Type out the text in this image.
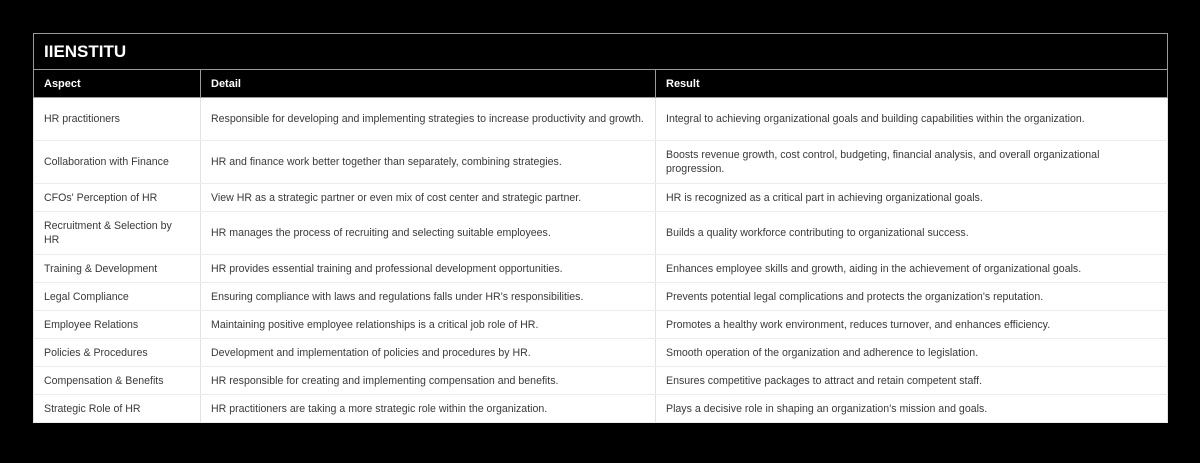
IIENSTITU		
Aspect	Detail	Result
HR practitioners	Responsible for developing and implementing strategies to increase productivity and growth.	Integral to achieving organizational goals and building capabilities within the organization.
Collaboration with Finance	HR and finance work better together than separately, combining strategies.	Boosts revenue growth, cost control, budgeting, financial analysis, and overall organizational progression.
CFOs' Perception of HR	View HR as a strategic partner or even mix of cost center and strategic partner.	HR is recognized as a critical part in achieving organizational goals.
Recruitment & Selection by HR	HR manages the process of recruiting and selecting suitable employees.	Builds a quality workforce contributing to organizational success.
Training & Development	HR provides essential training and professional development opportunities.	Enhances employee skills and growth, aiding in the achievement of organizational goals.
Legal Compliance	Ensuring compliance with laws and regulations falls under HR's responsibilities.	Prevents potential legal complications and protects the organization's reputation.
Employee Relations	Maintaining positive employee relationships is a critical job role of HR.	Promotes a healthy work environment, reduces turnover, and enhances efficiency.
Policies & Procedures	Development and implementation of policies and procedures by HR.	Smooth operation of the organization and adherence to legislation.
Compensation & Benefits	HR responsible for creating and implementing compensation and benefits.	Ensures competitive packages to attract and retain competent staff.
Strategic Role of HR	HR practitioners are taking a more strategic role within the organization.	Plays a decisive role in shaping an organization's mission and goals.
